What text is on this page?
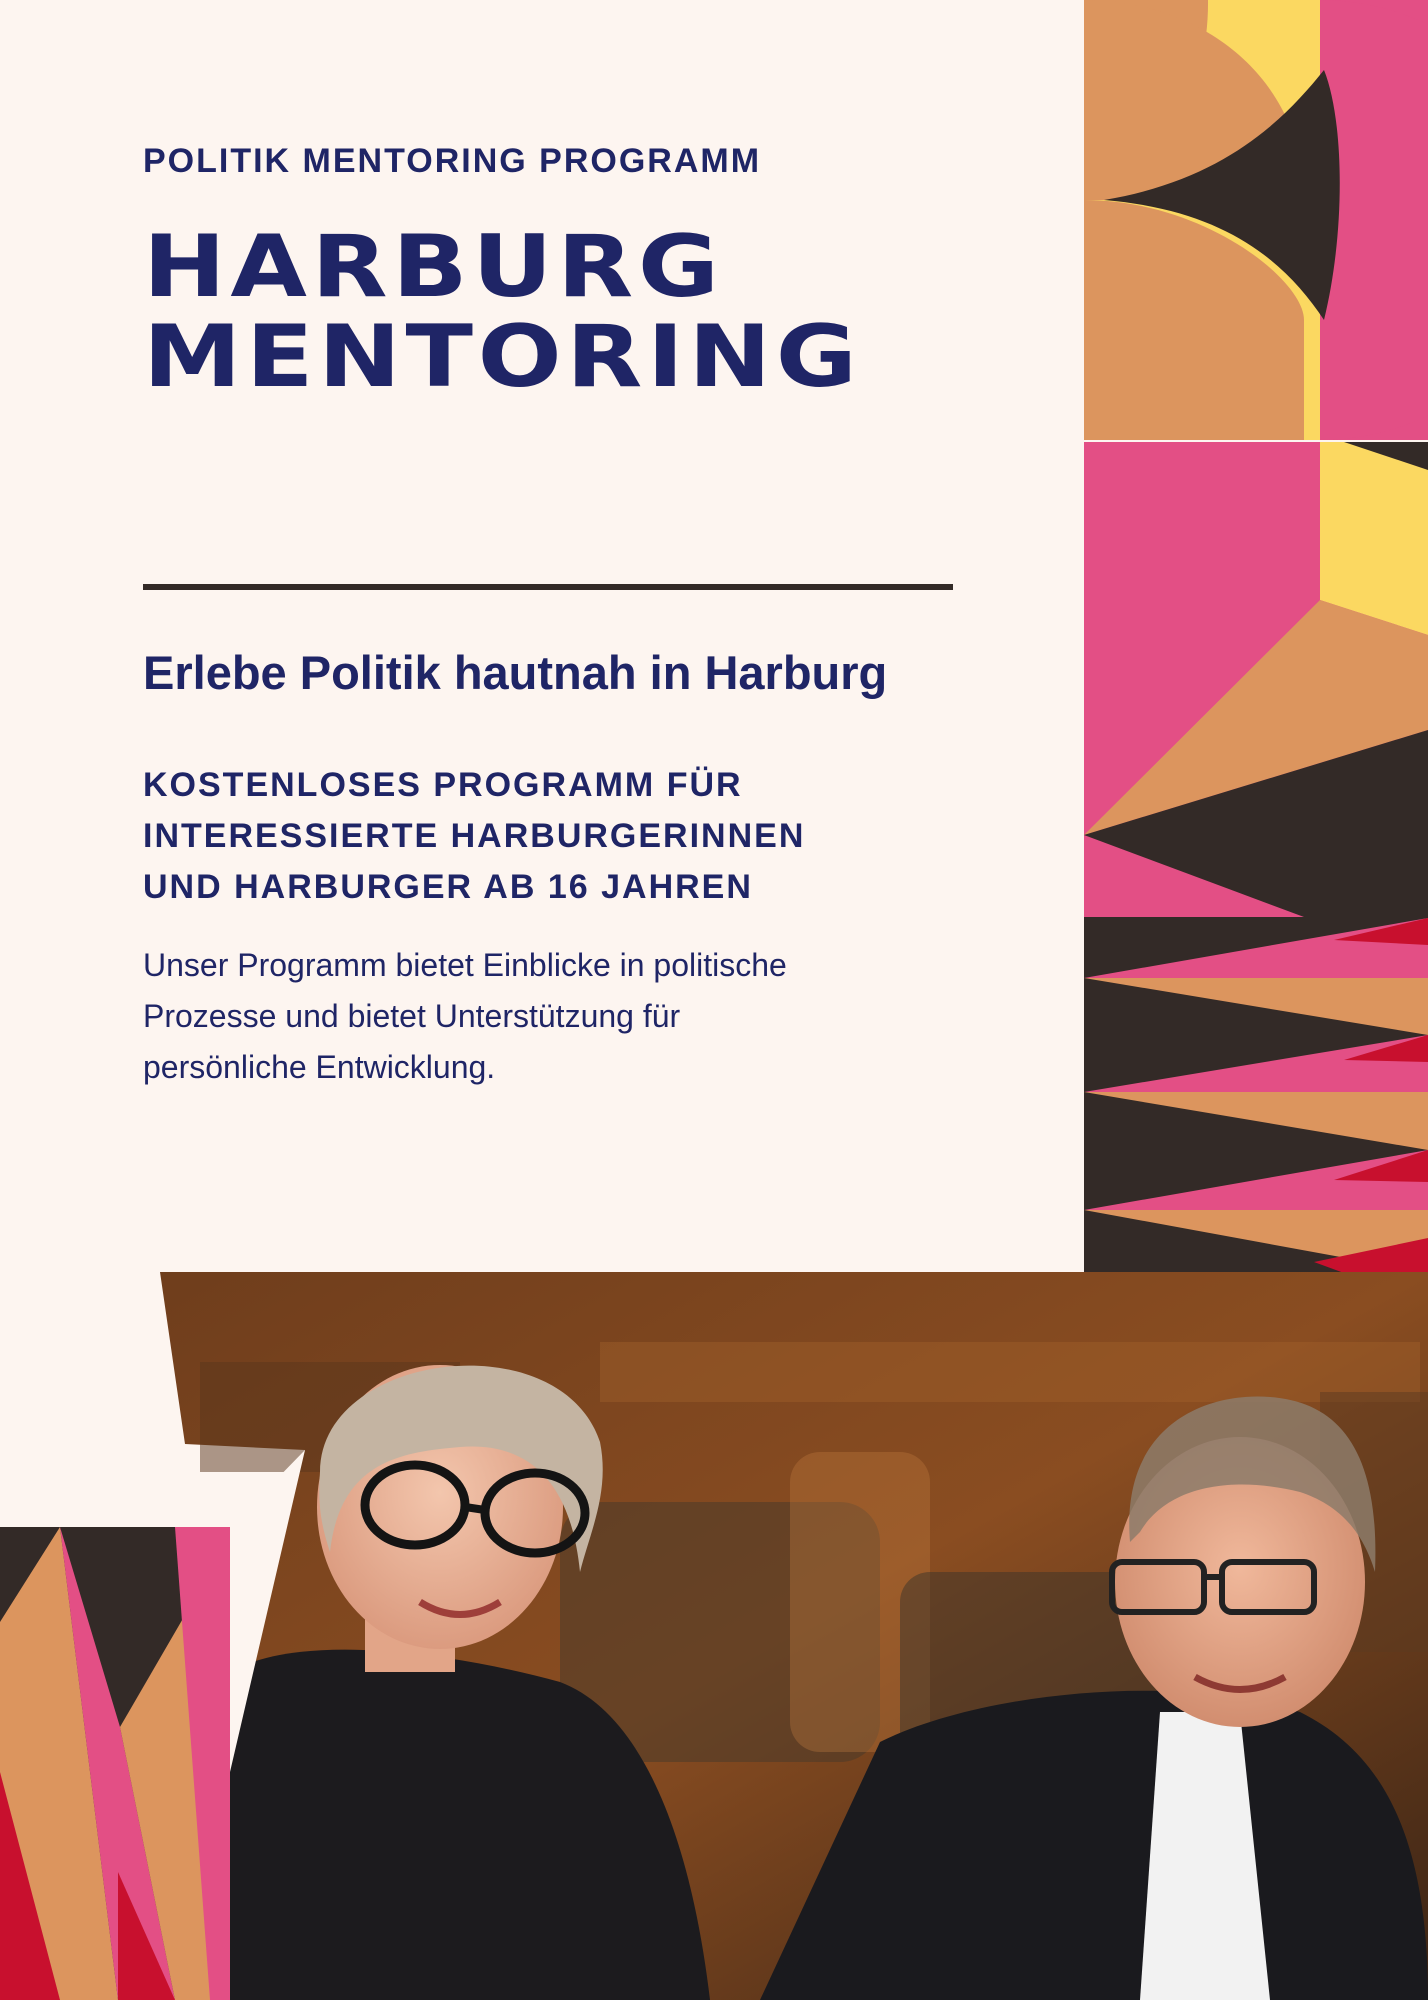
POLITIK MENTORING PROGRAMM
HARBURG
MENTORING
Erlebe Politik hautnah in Harburg
KOSTENLOSES PROGRAMM FÜR
INTERESSIERTE HARBURGERINNEN
UND HARBURGER AB 16 JAHREN
Unser Programm bietet Einblicke in politische
Prozesse und bietet Unterstützung für
persönliche Entwicklung.
